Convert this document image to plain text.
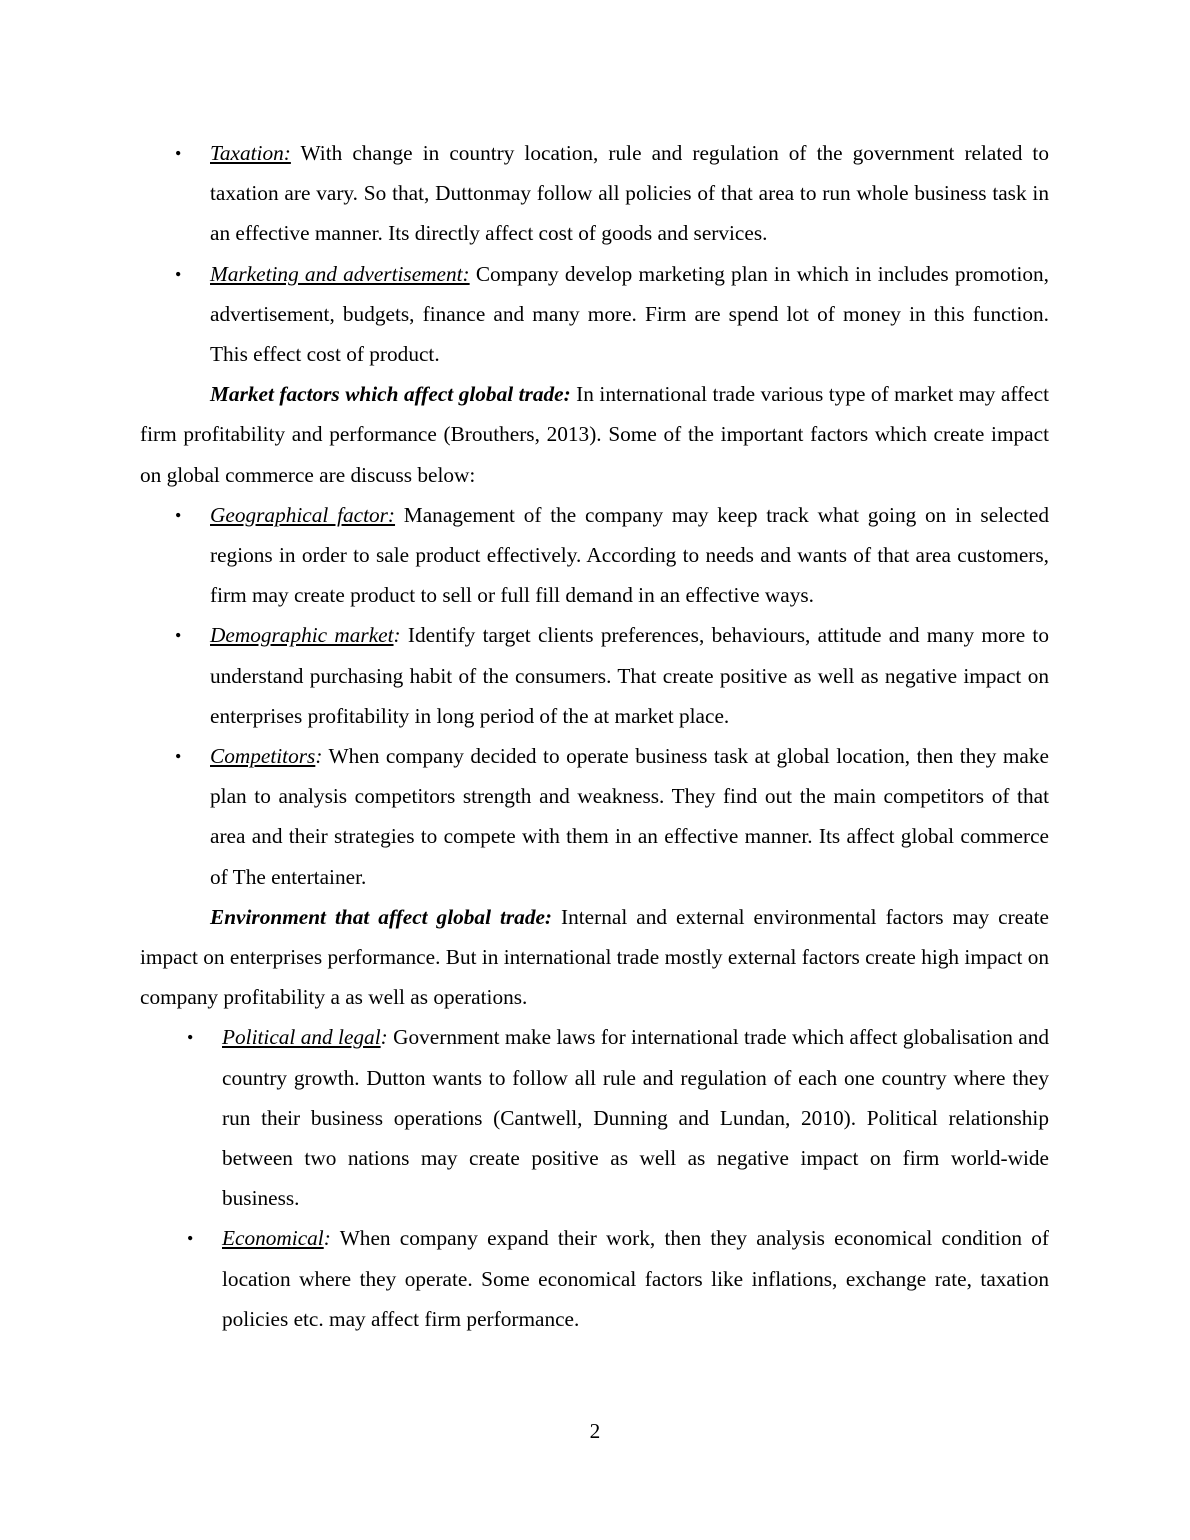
• Taxation: With change in country location, rule and regulation of the government related to taxation are vary. So that, Duttonmay follow all policies of that area to run whole business task in an effective manner. Its directly affect cost of goods and services.

• Marketing and advertisement: Company develop marketing plan in which in includes promotion, advertisement, budgets, finance and many more. Firm are spend lot of money in this function. This effect cost of product.

Market factors which affect global trade: In international trade various type of market may affect firm profitability and performance (Brouthers, 2013). Some of the important factors which create impact on global commerce are discuss below:

• Geographical factor: Management of the company may keep track what going on in selected regions in order to sale product effectively. According to needs and wants of that area customers, firm may create product to sell or full fill demand in an effective ways.

• Demographic market: Identify target clients preferences, behaviours, attitude and many more to understand purchasing habit of the consumers. That create positive as well as negative impact on enterprises profitability in long period of the at market place.

• Competitors: When company decided to operate business task at global location, then they make plan to analysis competitors strength and weakness. They find out the main competitors of that area and their strategies to compete with them in an effective manner. Its affect global commerce of The entertainer.

Environment that affect global trade: Internal and external environmental factors may create impact on enterprises performance. But in international trade mostly external factors create high impact on company profitability a as well as operations.

• Political and legal: Government make laws for international trade which affect globalisation and country growth. Dutton wants to follow all rule and regulation of each one country where they run their business operations (Cantwell, Dunning and Lundan, 2010). Political relationship between two nations may create positive as well as negative impact on firm world-wide business.

• Economical: When company expand their work, then they analysis economical condition of location where they operate. Some economical factors like inflations, exchange rate, taxation policies etc. may affect firm performance.

2
